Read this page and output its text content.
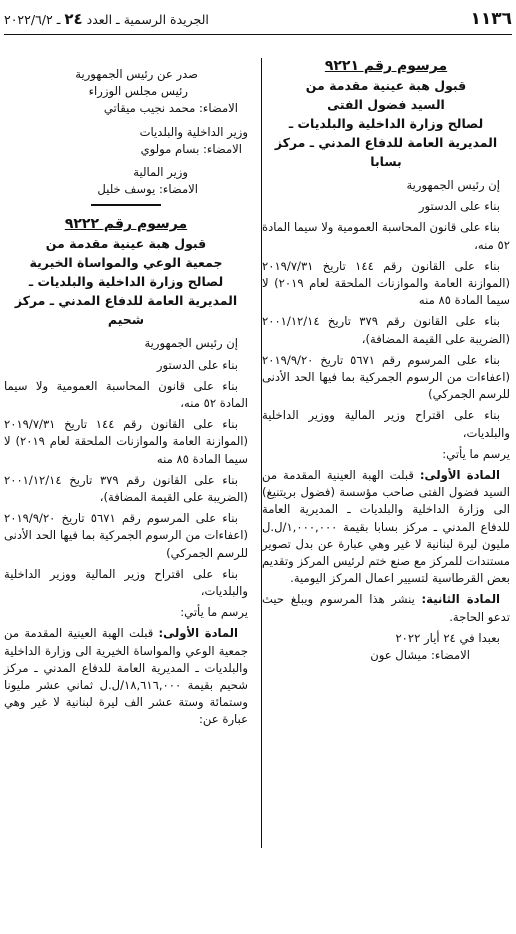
١١٣٦
الجريدة الرسمية ـ العدد ٢٤ ـ ٢٠٢٢/٦/٢

مرسوم رقم ٩٢٢١

قبول هبة عينية مقدمة من

السيد فضول الفتى

لصالح وزارة الداخلية والبلديات ـ

المديرية العامة للدفاع المدني ـ مركز بسابا

إن رئيس الجمهورية

بناء على الدستور

بناء على قانون المحاسبة العمومية ولا سيما المادة ٥٢ منه،

بناء على القانون رقم ١٤٤ تاريخ ٢٠١٩/٧/٣١ (الموازنة العامة والموازنات الملحقة لعام ٢٠١٩) لا سيما المادة ٨٥ منه

بناء على القانون رقم ٣٧٩ تاريخ ٢٠٠١/١٢/١٤ (الضريبة على القيمة المضافة)،

بناء على المرسوم رقم ٥٦٧١ تاريخ ٢٠١٩/٩/٢٠ (اعفاءات من الرسوم الجمركية بما فيها الحد الأدنى للرسم الجمركي)

بناء على اقتراح وزير المالية ووزير الداخلية والبلديات،

يرسم ما يأتي:

المادة الأولى: قبلت الهبة العينية المقدمة من السيد فضول الفتى صاحب مؤسسة (فضول بريتنيغ) الى وزارة الداخلية والبلديات ـ المديرية العامة للدفاع المدني ـ مركز بسابا بقيمة ١,٠٠٠,٠٠٠/ل.ل مليون ليرة لبنانية لا غير وهي عبارة عن بدل تصوير مستندات للمركز مع صنع ختم لرئيس المركز وتقديم بعض القرطاسية لتسيير اعمال المركز اليومية.

المادة الثانية: ينشر هذا المرسوم ويبلغ حيث تدعو الحاجة.

بعبدا في ٢٤ أيار ٢٠٢٢

الامضاء: ميشال عون

صدر عن رئيس الجمهورية

رئيس مجلس الوزراء

الامضاء: محمد نجيب ميقاتي

وزير الداخلية والبلديات

الامضاء: بسام مولوي

وزير المالية

الامضاء: يوسف خليل

مرسوم رقم ٩٢٢٢

قبول هبة عينية مقدمة من

جمعية الوعي والمواساة الخيرية

لصالح وزارة الداخلية والبلديات ـ

المديرية العامة للدفاع المدني ـ مركز شحيم

إن رئيس الجمهورية

بناء على الدستور

بناء على قانون المحاسبة العمومية ولا سيما المادة ٥٢ منه،

بناء على القانون رقم ١٤٤ تاريخ ٢٠١٩/٧/٣١ (الموازنة العامة والموازنات الملحقة لعام ٢٠١٩) لا سيما المادة ٨٥ منه

بناء على القانون رقم ٣٧٩ تاريخ ٢٠٠١/١٢/١٤ (الضريبة على القيمة المضافة)،

بناء على المرسوم رقم ٥٦٧١ تاريخ ٢٠١٩/٩/٢٠ (اعفاءات من الرسوم الجمركية بما فيها الحد الأدنى للرسم الجمركي)

بناء على اقتراح وزير المالية ووزير الداخلية والبلديات،

يرسم ما يأتي:

المادة الأولى: قبلت الهبة العينية المقدمة من جمعية الوعي والمواساة الخيرية الى وزارة الداخلية والبلديات ـ المديرية العامة للدفاع المدني ـ مركز شحيم بقيمة ١٨,٦١٦,٠٠٠/ل.ل ثماني عشر مليونا وستمائة وستة عشر الف ليرة لبنانية لا غير وهي عبارة عن:
